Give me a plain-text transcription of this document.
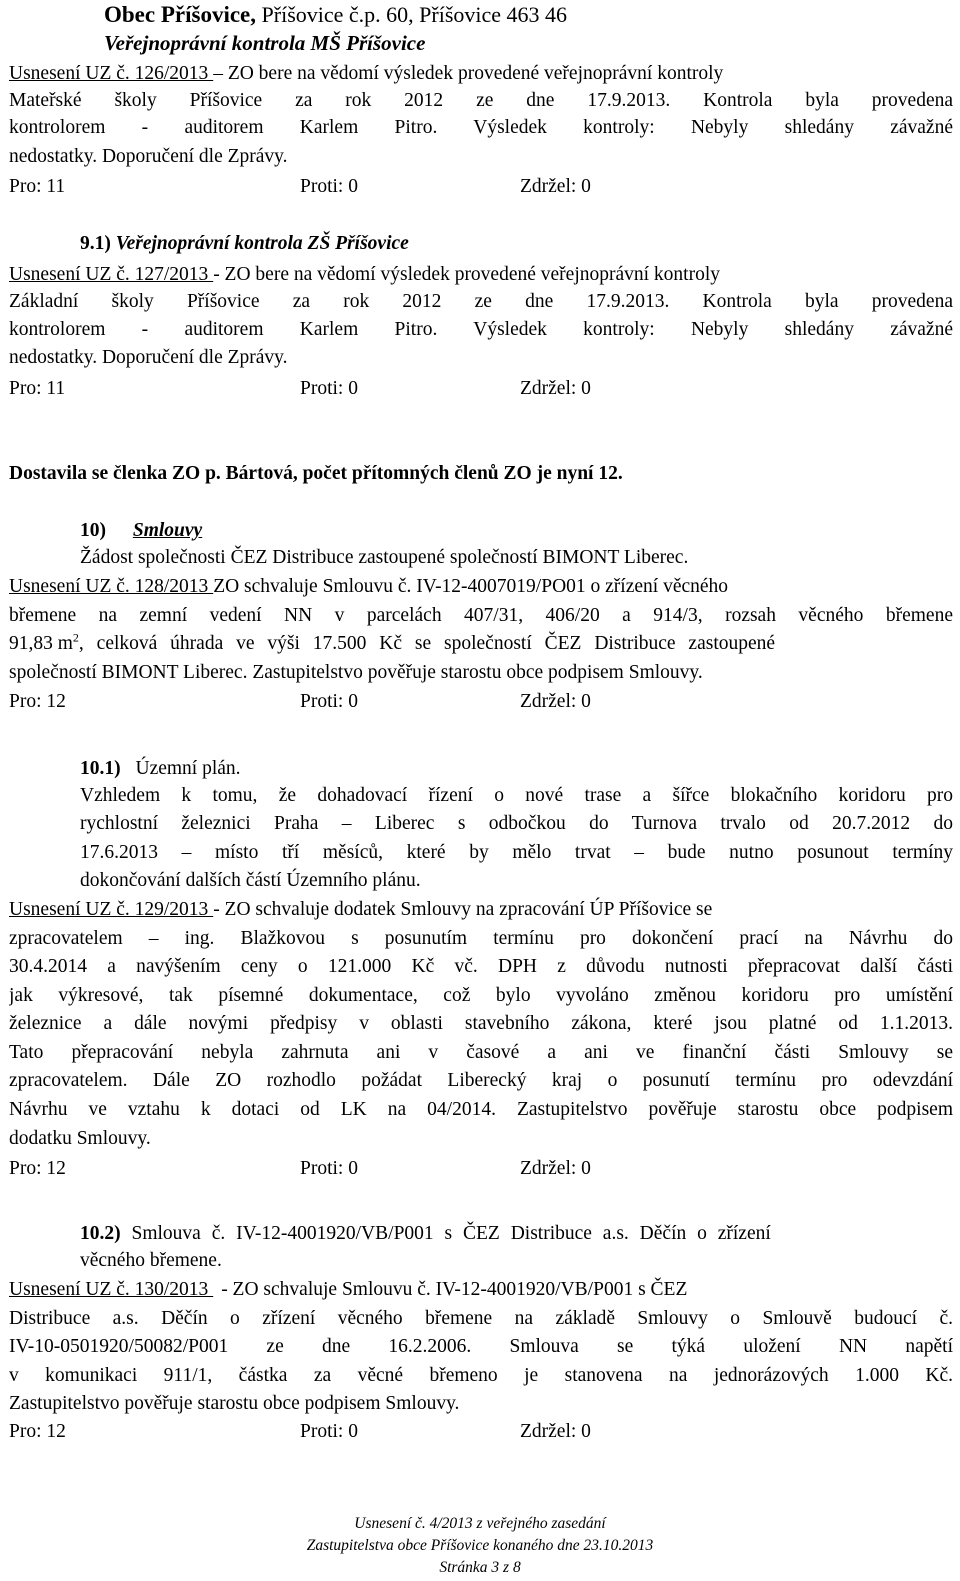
Obec Příšovice, Příšovice č.p. 60, Příšovice 463 46
Veřejnoprávní kontrola MŠ Příšovice
Usnesení UZ č. 126/2013 – ZO bere na vědomí výsledek provedené veřejnoprávní kontroly
Mateřské školy Příšovice za rok 2012 ze dne 17.9.2013. Kontrola byla provedena
kontrolorem - auditorem Karlem Pitro. Výsledek kontroly: Nebyly shledány závažné
nedostatky. Doporučení dle Zprávy.
Pro: 11	Proti: 0	Zdržel: 0
9.1) Veřejnoprávní kontrola ZŠ Příšovice
Usnesení UZ č. 127/2013 - ZO bere na vědomí výsledek provedené veřejnoprávní kontroly
Základní školy Příšovice za rok 2012 ze dne 17.9.2013. Kontrola byla provedena
kontrolorem - auditorem Karlem Pitro. Výsledek kontroly: Nebyly shledány závažné
nedostatky. Doporučení dle Zprávy.
Pro: 11	Proti: 0	Zdržel: 0
Dostavila se členka ZO p. Bártová, počet přítomných členů ZO je nyní 12.
10) Smlouvy
Žádost společnosti ČEZ Distribuce zastoupené společností BIMONT Liberec.
Usnesení UZ č. 128/2013 ZO schvaluje Smlouvu č. IV-12-4007019/PO01 o zřízení věcného
břemene na zemní vedení NN v parcelách 407/31, 406/20 a 914/3, rozsah věcného břemene
91,83 $m^2$, celková úhrada ve výši 17.500 Kč se společností ČEZ Distribuce zastoupené
společností BIMONT Liberec. Zastupitelstvo pověřuje starostu obce podpisem Smlouvy.
Pro: 12	Proti: 0	Zdržel: 0
10.1) Územní plán.
Vzhledem k tomu, že dohadovací řízení o nové trase a šířce blokačního koridoru pro
rychlostní železnici Praha – Liberec s odbočkou do Turnova trvalo od 20.7.2012 do
17.6.2013 – místo tří měsíců, které by mělo trvat – bude nutno posunout termíny
dokončování dalších částí Územního plánu.
Usnesení UZ č. 129/2013 - ZO schvaluje dodatek Smlouvy na zpracování ÚP Příšovice se
zpracovatelem – ing. Blažkovou s posunutím termínu pro dokončení prací na Návrhu do
30.4.2014 a navýšením ceny o 121.000 Kč vč. DPH z důvodu nutnosti přepracovat další části
jak výkresové, tak písemné dokumentace, což bylo vyvoláno změnou koridoru pro umístění
železnice a dále novými předpisy v oblasti stavebního zákona, které jsou platné od 1.1.2013.
Tato přepracování nebyla zahrnuta ani v časové a ani ve finanční části Smlouvy se
zpracovatelem. Dále ZO rozhodlo požádat Liberecký kraj o posunutí termínu pro odevzdání
Návrhu ve vztahu k dotaci od LK na 04/2014. Zastupitelstvo pověřuje starostu obce podpisem
dodatku Smlouvy.
Pro: 12	Proti: 0	Zdržel: 0
10.2) Smlouva č. IV-12-4001920/VB/P001 s ČEZ Distribuce a.s. Děčín o zřízení
věcného břemene.
Usnesení UZ č. 130/2013 - ZO schvaluje Smlouvu č. IV-12-4001920/VB/P001 s ČEZ
Distribuce a.s. Děčín o zřízení věcného břemene na základě Smlouvy o Smlouvě budoucí č.
IV-10-0501920/50082/P001 ze dne 16.2.2006. Smlouva se týká uložení NN napětí
v komunikaci 911/1, částka za věcné břemeno je stanovena na jednorázových 1.000 Kč.
Zastupitelstvo pověřuje starostu obce podpisem Smlouvy.
Pro: 12	Proti: 0	Zdržel: 0
Usnesení č. 4/2013 z veřejného zasedání
Zastupitelstva obce Příšovice konaného dne 23.10.2013
Stránka 3 z 8
